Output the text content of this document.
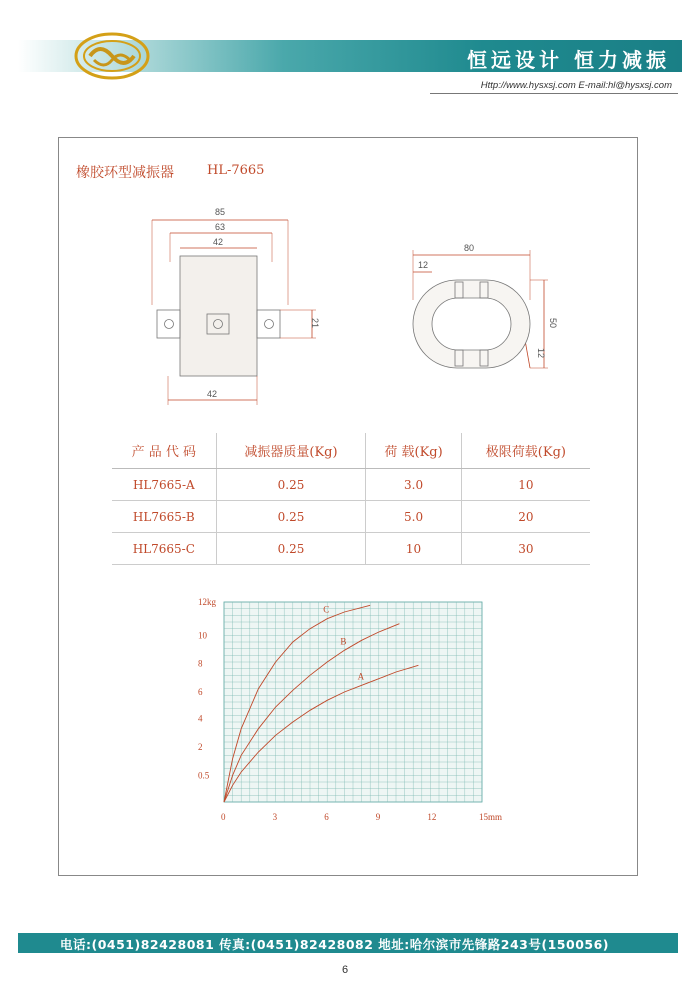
恒远设计 恒力减振
Http://www.hysxsj.com E-mail:hl@hysxsj.com
橡胶环型减振器	HL-7665
85
63
42
21
42
80
12
50
12
产 品 代 码	减振器质量(Kg)	荷 载(Kg)	极限荷载(Kg)
HL7665-A	0.25	3.0	10
HL7665-B	0.25	5.0	20
HL7665-C	0.25	10	30
0	3	6	9	12	15mm
0.5
2
4
6
8
10
12kg
C
B
A
电话:(0451)82428081 传真:(0451)82428082 地址:哈尔滨市先锋路243号(150056)
6
